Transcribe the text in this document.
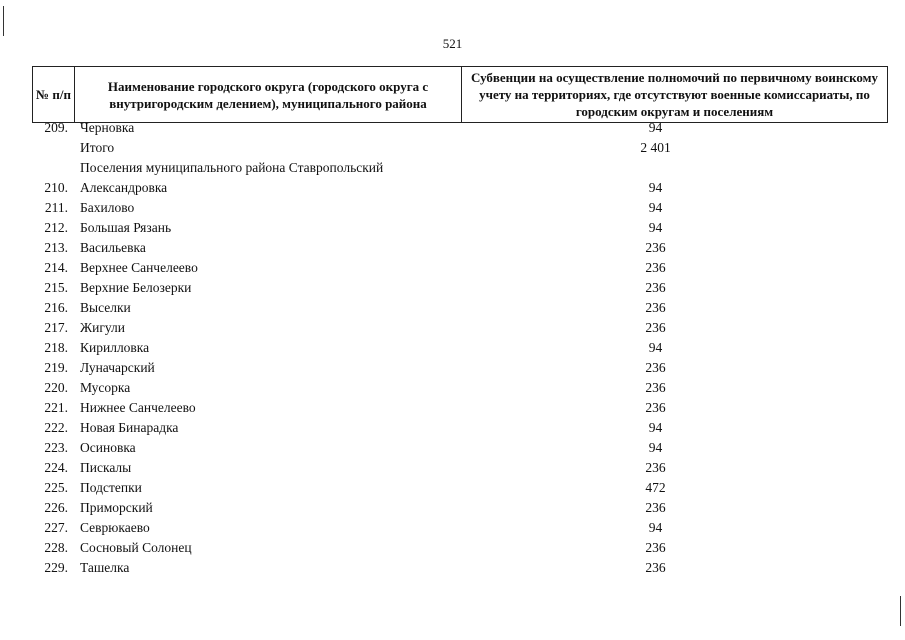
521
№ п/п	Наименование городского округа (городского округа с внутригородским делением), муниципального района	Субвенции на осуществление полномочий по первичному воинскому учету на территориях, где отсутствуют военные комиссариаты, по городским округам и поселениям
209. Черновка	94
Итого	2 401
Поселения муниципального района Ставропольский
210. Александровка	94
211. Бахилово	94
212. Большая Рязань	94
213. Васильевка	236
214. Верхнее Санчелеево	236
215. Верхние Белозерки	236
216. Выселки	236
217. Жигули	236
218. Кирилловка	94
219. Луначарский	236
220. Мусорка	236
221. Нижнее Санчелеево	236
222. Новая Бинарадка	94
223. Осиновка	94
224. Пискалы	236
225. Подстепки	472
226. Приморский	236
227. Севрюкаево	94
228. Сосновый Солонец	236
229. Ташелка	236
